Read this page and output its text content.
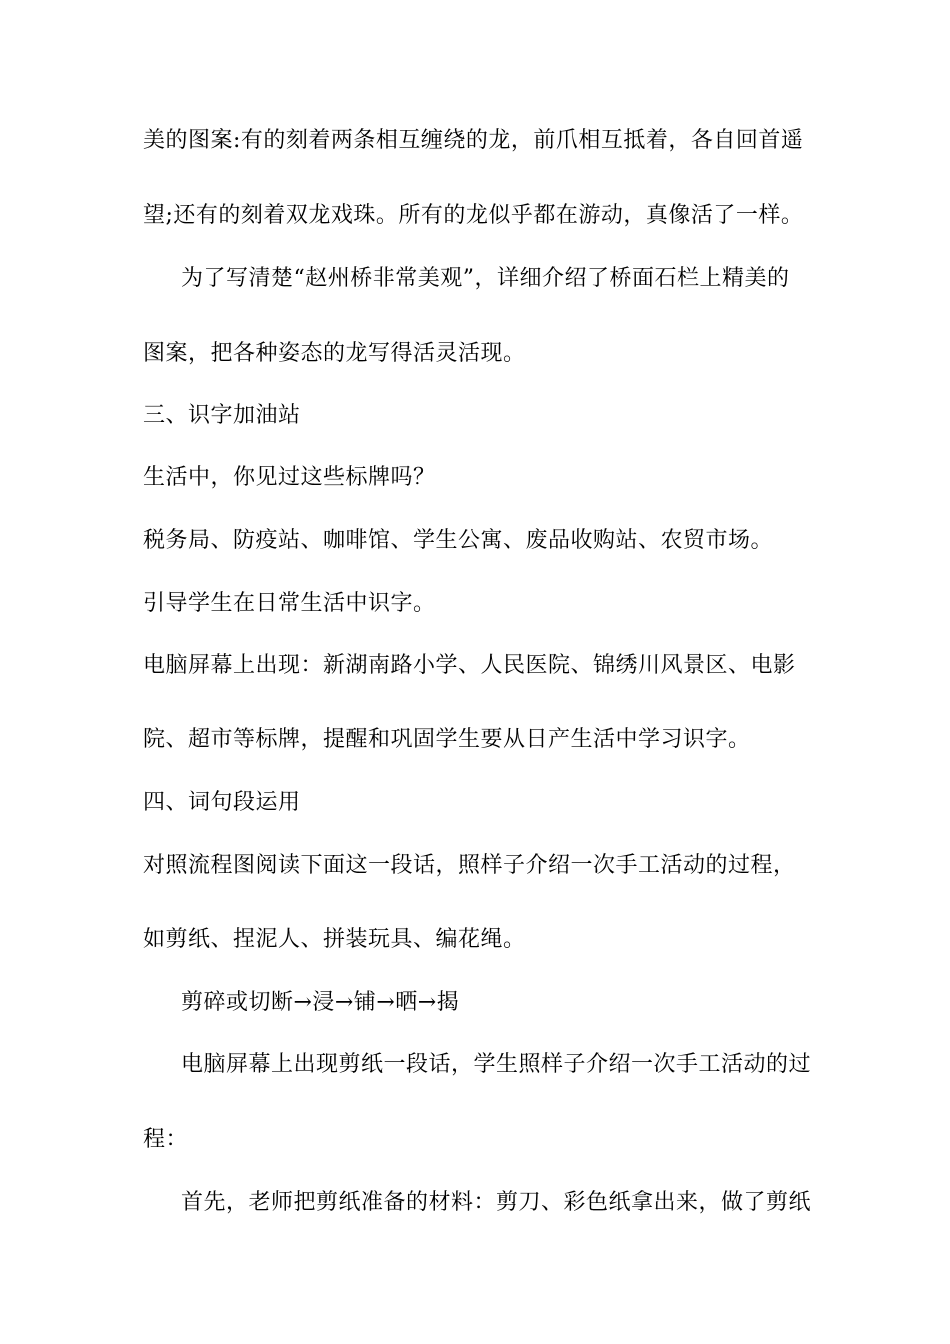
美的图案:有的刻着两条相互缠绕的龙，前爪相互抵着，各自回首遥
望;还有的刻着双龙戏珠。所有的龙似乎都在游动，真像活了一样。
为了写清楚“赵州桥非常美观”，详细介绍了桥面石栏上精美的
图案，把各种姿态的龙写得活灵活现。
三、识字加油站
生活中，你见过这些标牌吗？
税务局、防疫站、咖啡馆、学生公寓、废品收购站、农贸市场。
引导学生在日常生活中识字。
电脑屏幕上出现：新湖南路小学、人民医院、锦绣川风景区、电影
院、超市等标牌，提醒和巩固学生要从日产生活中学习识字。
四、词句段运用
对照流程图阅读下面这一段话，照样子介绍一次手工活动的过程，
如剪纸、捏泥人、拼装玩具、编花绳。
剪碎或切断→浸→铺→晒→揭
电脑屏幕上出现剪纸一段话，学生照样子介绍一次手工活动的过
程：
首先，老师把剪纸准备的材料：剪刀、彩色纸拿出来，做了剪纸
